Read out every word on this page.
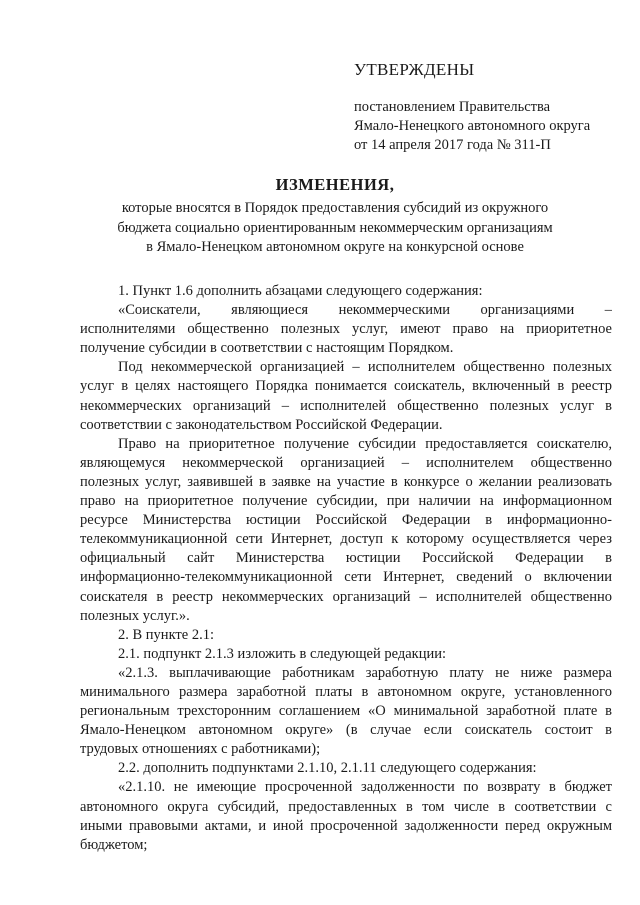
УТВЕРЖДЕНЫ

постановлением Правительства

Ямало-Ненецкого автономного округа

от 14 апреля 2017 года № 311-П

ИЗМЕНЕНИЯ,

которые вносятся в Порядок предоставления субсидий из окружного

бюджета социально ориентированным некоммерческим организациям

в Ямало-Ненецком автономном округе на конкурсной основе

1. Пункт 1.6 дополнить абзацами следующего содержания:
«Соискатели, являющиеся некоммерческими организациями –
исполнителями общественно полезных услуг, имеют право на приоритетное
получение субсидии в соответствии с настоящим Порядком.
Под некоммерческой организацией – исполнителем общественно полезных
услуг в целях настоящего Порядка понимается соискатель, включенный в реестр
некоммерческих организаций – исполнителей общественно полезных услуг в
соответствии с законодательством Российской Федерации.
Право на приоритетное получение субсидии предоставляется соискателю,
являющемуся некоммерческой организацией – исполнителем общественно
полезных услуг, заявившей в заявке на участие в конкурсе о желании реализовать
право на приоритетное получение субсидии, при наличии на информационном
ресурсе Министерства юстиции Российской Федерации в информационно-
телекоммуникационной сети Интернет, доступ к которому осуществляется через
официальный сайт Министерства юстиции Российской Федерации в
информационно-телекоммуникационной сети Интернет, сведений о включении
соискателя в реестр некоммерческих организаций – исполнителей общественно
полезных услуг.».
2. В пункте 2.1:
2.1. подпункт 2.1.3 изложить в следующей редакции:
«2.1.3. выплачивающие работникам заработную плату не ниже размера
минимального размера заработной платы в автономном округе, установленного
региональным трехсторонним соглашением «О минимальной заработной плате в
Ямало-Ненецком автономном округе» (в случае если соискатель состоит в
трудовых отношениях с работниками);
2.2. дополнить подпунктами 2.1.10, 2.1.11 следующего содержания:
«2.1.10. не имеющие просроченной задолженности по возврату в бюджет
автономного округа субсидий, предоставленных в том числе в соответствии с
иными правовыми актами, и иной просроченной задолженности перед окружным
бюджетом;
